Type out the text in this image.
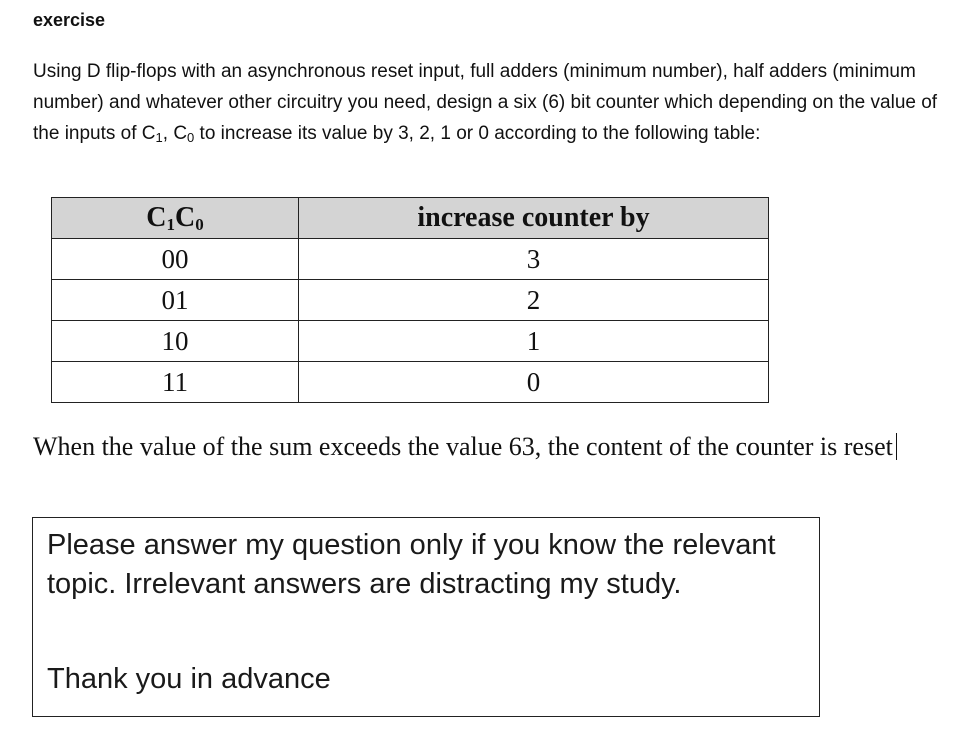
exercise
Using D flip-flops with an asynchronous reset input, full adders (minimum number), half adders (minimum number) and whatever other circuitry you need, design a six (6) bit counter which depending on the value of the inputs of $C_1$, $C_0$ to increase its value by 3, 2, 1 or 0 according to the following table:
$C_1C_0$	increase counter by
00	3
01	2
10	1
11	0
When the value of the sum exceeds the value 63, the content of the counter is reset
Please answer my question only if you know the relevant topic. Irrelevant answers are distracting my study.
Thank you in advance
